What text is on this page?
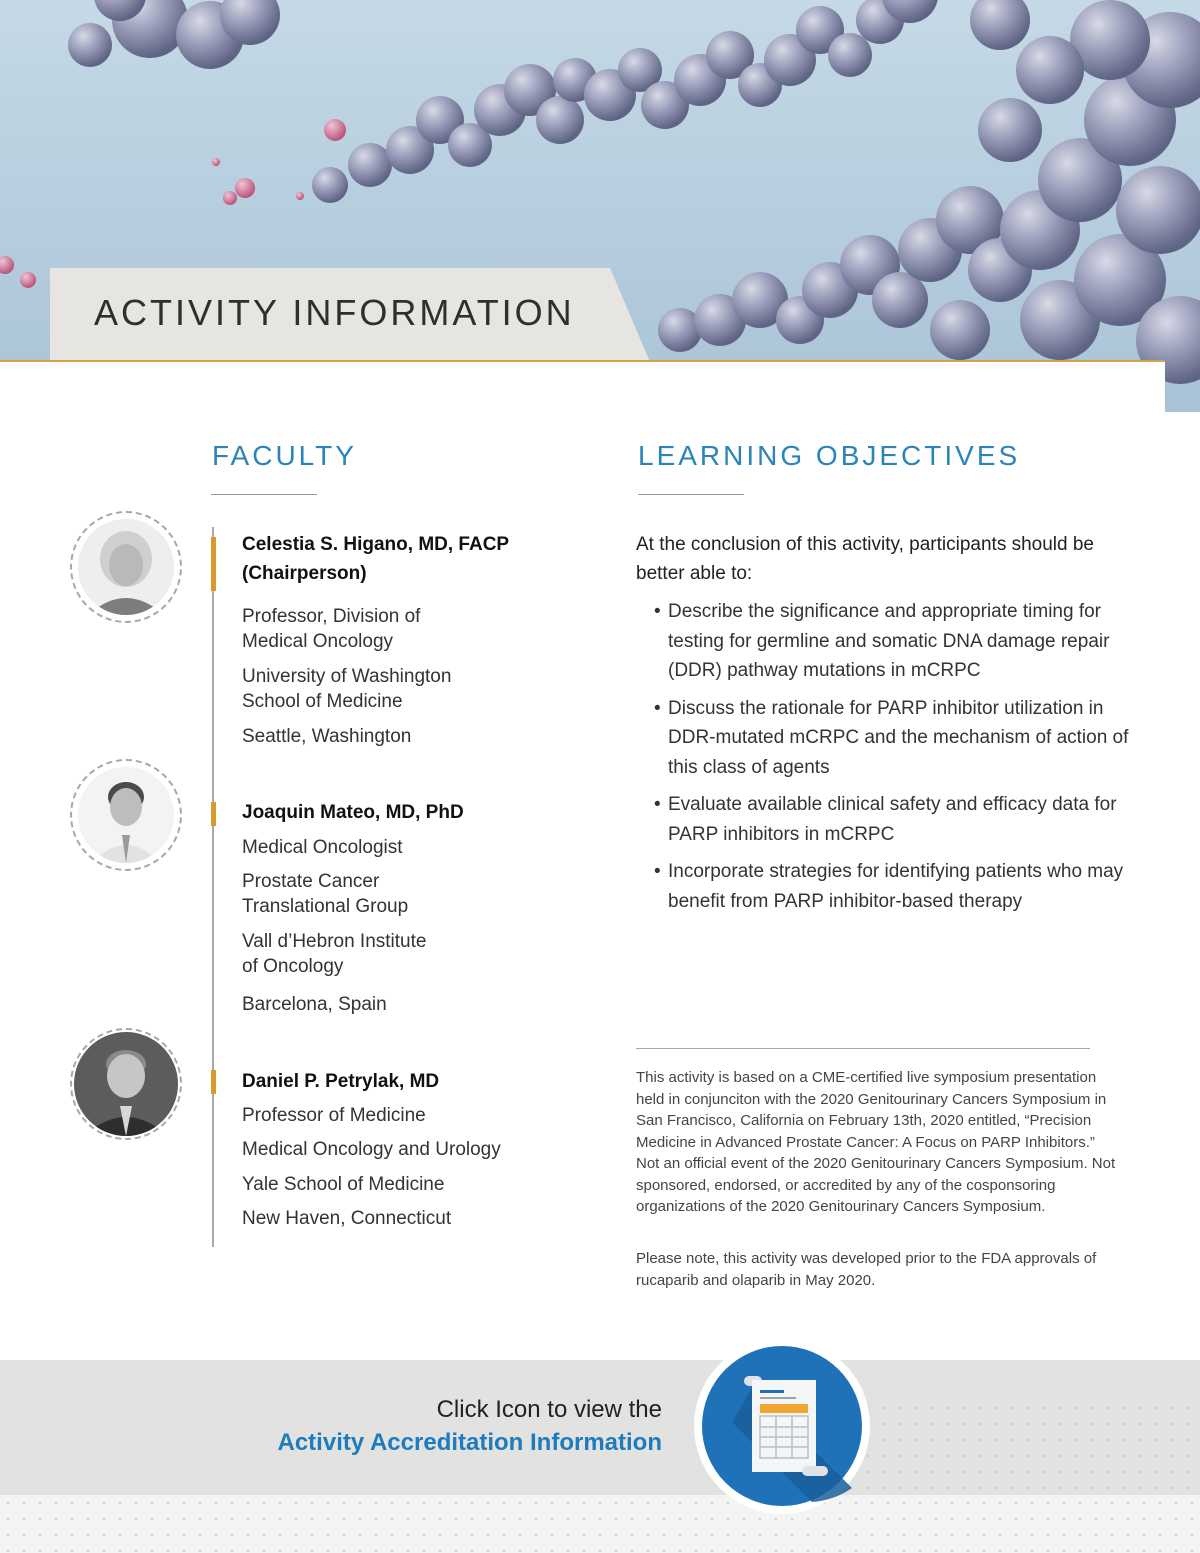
ACTIVITY INFORMATION
FACULTY
Celestia S. Higano, MD, FACP
(Chairperson)
Professor, Division of
Medical Oncology
University of Washington
School of Medicine
Seattle, Washington
Joaquin Mateo, MD, PhD
Medical Oncologist
Prostate Cancer
Translational Group
Vall d’Hebron Institute
of Oncology
Barcelona, Spain
Daniel P. Petrylak, MD
Professor of Medicine
Medical Oncology and Urology
Yale School of Medicine
New Haven, Connecticut
LEARNING OBJECTIVES
At the conclusion of this activity, participants should be better able to:
• Describe the significance and appropriate timing for testing for germline and somatic DNA damage repair (DDR) pathway mutations in mCRPC
• Discuss the rationale for PARP inhibitor utilization in DDR-mutated mCRPC and the mechanism of action of this class of agents
• Evaluate available clinical safety and efficacy data for PARP inhibitors in mCRPC
• Incorporate strategies for identifying patients who may benefit from PARP inhibitor-based therapy
This activity is based on a CME-certified live symposium presentation held in conjunciton with the 2020 Genitourinary Cancers Symposium in San Francisco, California on February 13th, 2020 entitled, “Precision Medicine in Advanced Prostate Cancer: A Focus on PARP Inhibitors.” Not an official event of the 2020 Genitourinary Cancers Symposium. Not sponsored, endorsed, or accredited by any of the cosponsoring organizations of the 2020 Genitourinary Cancers Symposium.
Please note, this activity was developed prior to the FDA approvals of rucaparib and olaparib in May 2020.
Click Icon to view the
Activity Accreditation Information
